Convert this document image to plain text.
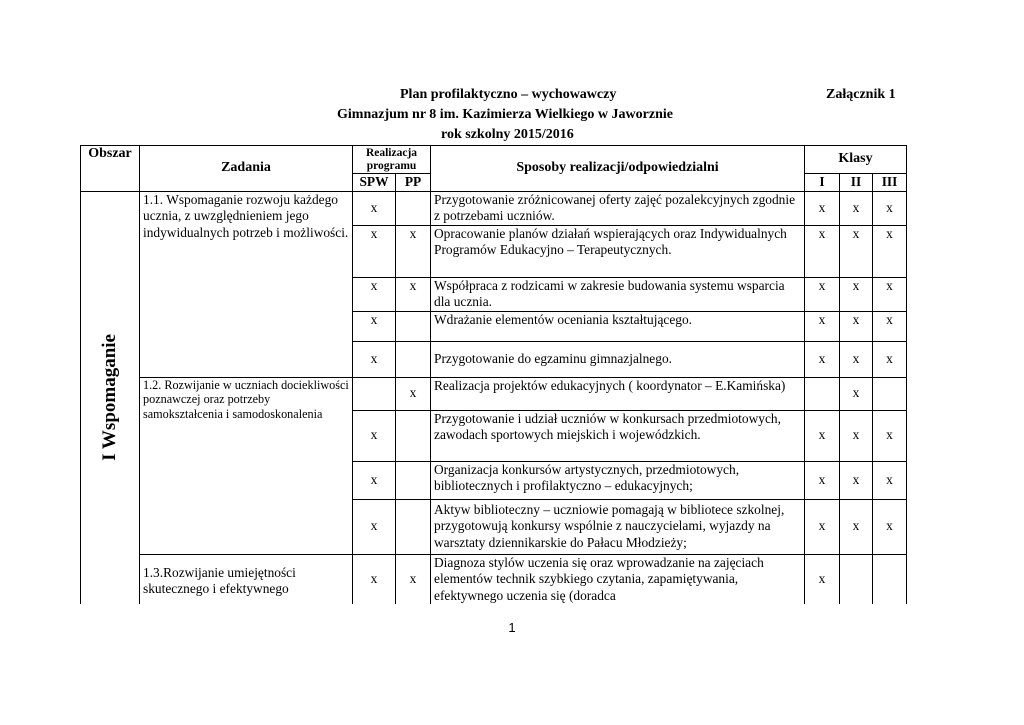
Plan profilaktyczno – wychowawczy	Załącznik 1
Gimnazjum nr 8 im. Kazimierza Wielkiego w Jaworznie
rok szkolny 2015/2016
Obszar	Zadania	Realizacja programu		Sposoby realizacji/odpowiedzialni	Klasy		
		SPW	PP		I	II	III

I Wspomaganie	1.1. Wspomaganie rozwoju każdego ucznia, z uwzględnieniem jego indywidualnych potrzeb i możliwości.	x		Przygotowanie zróżnicowanej oferty zajęć pozalekcyjnych zgodnie z potrzebami uczniów.	x	x	x
		x	x	Opracowanie planów działań wspierających oraz Indywidualnych Programów Edukacyjno – Terapeutycznych.	x	x	x
		x	x	Współpraca z rodzicami w zakresie budowania systemu wsparcia dla ucznia.	x	x	x
		x		Wdrażanie elementów oceniania kształtującego.	x	x	x
		x		Przygotowanie do egzaminu gimnazjalnego.	x	x	x
	1.2. Rozwijanie w uczniach dociekliwości poznawczej oraz potrzeby samokształcenia i samodoskonalenia		x	Realizacja projektów edukacyjnych ( koordynator – E.Kamińska)		x	
		x		Przygotowanie i udział uczniów w konkursach przedmiotowych, zawodach sportowych miejskich i wojewódzkich.	x	x	x
		x		Organizacja konkursów artystycznych, przedmiotowych, bibliotecznych i profilaktyczno – edukacyjnych;	x	x	x
		x		Aktyw biblioteczny – uczniowie pomagają w bibliotece szkolnej, przygotowują konkursy wspólnie z nauczycielami, wyjazdy na warsztaty dziennikarskie do Pałacu Młodzieży;	x	x	x
	1.3.Rozwijanie umiejętności skutecznego i efektywnego	x	x	Diagnoza stylów uczenia się oraz wprowadzanie na zajęciach elementów technik szybkiego czytania, zapamiętywania, efektywnego uczenia się (doradca	x		
1
